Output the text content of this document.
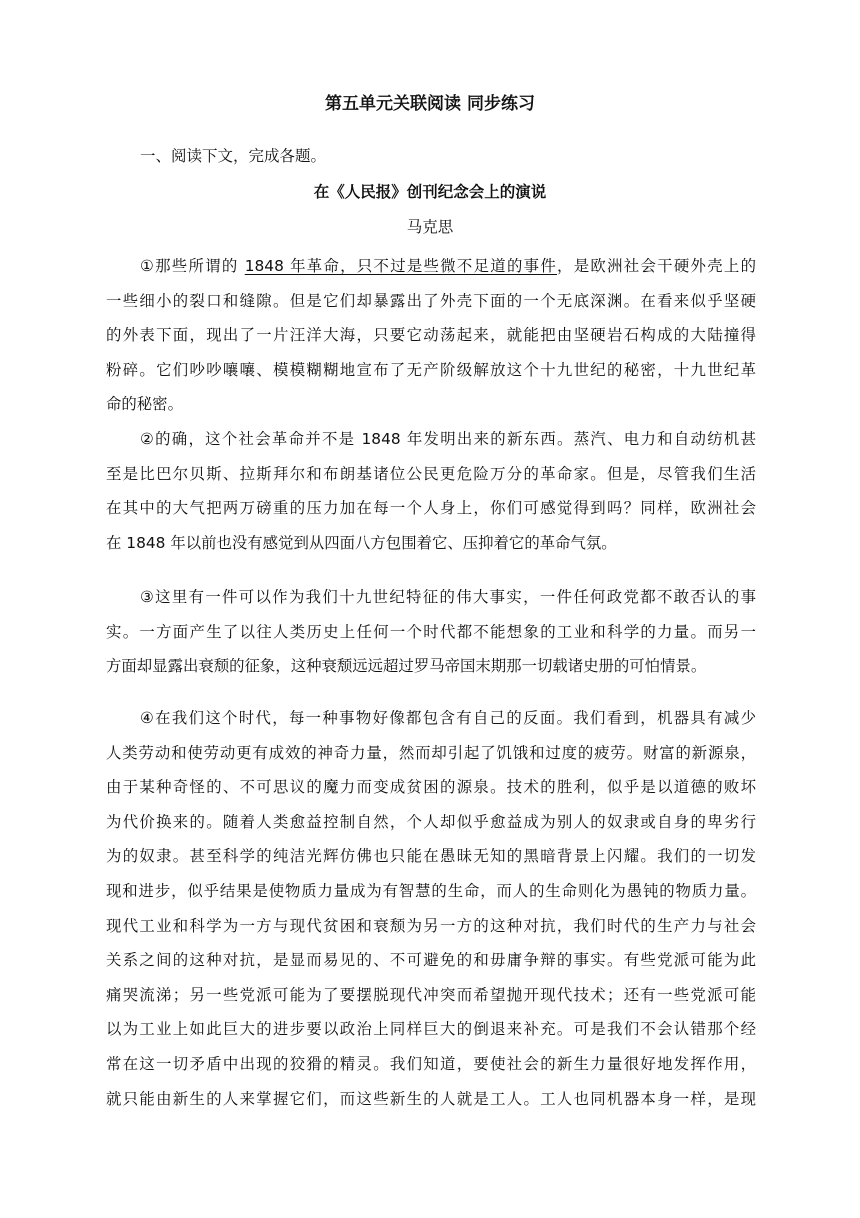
第五单元关联阅读 同步练习
一、阅读下文，完成各题。
在《人民报》创刊纪念会上的演说
马克思
①那些所谓的 1848 年革命，只不过是些微不足道的事件，是欧洲社会干硬外壳上的
一些细小的裂口和缝隙。但是它们却暴露出了外壳下面的一个无底深渊。在看来似乎坚硬
的外表下面，现出了一片汪洋大海，只要它动荡起来，就能把由坚硬岩石构成的大陆撞得
粉碎。它们吵吵嚷嚷、模模糊糊地宣布了无产阶级解放这个十九世纪的秘密，十九世纪革
命的秘密。
②的确，这个社会革命并不是 1848 年发明出来的新东西。蒸汽、电力和自动纺机甚
至是比巴尔贝斯、拉斯拜尔和布朗基诸位公民更危险万分的革命家。但是，尽管我们生活
在其中的大气把两万磅重的压力加在每一个人身上，你们可感觉得到吗？同样，欧洲社会
在 1848 年以前也没有感觉到从四面八方包围着它、压抑着它的革命气氛。
③这里有一件可以作为我们十九世纪特征的伟大事实，一件任何政党都不敢否认的事
实。一方面产生了以往人类历史上任何一个时代都不能想象的工业和科学的力量。而另一
方面却显露出衰颓的征象，这种衰颓远远超过罗马帝国末期那一切载诸史册的可怕情景。
④在我们这个时代，每一种事物好像都包含有自己的反面。我们看到，机器具有减少
人类劳动和使劳动更有成效的神奇力量，然而却引起了饥饿和过度的疲劳。财富的新源泉，
由于某种奇怪的、不可思议的魔力而变成贫困的源泉。技术的胜利，似乎是以道德的败坏
为代价换来的。随着人类愈益控制自然，个人却似乎愈益成为别人的奴隶或自身的卑劣行
为的奴隶。甚至科学的纯洁光辉仿佛也只能在愚昧无知的黑暗背景上闪耀。我们的一切发
现和进步，似乎结果是使物质力量成为有智慧的生命，而人的生命则化为愚钝的物质力量。
现代工业和科学为一方与现代贫困和衰颓为另一方的这种对抗，我们时代的生产力与社会
关系之间的这种对抗，是显而易见的、不可避免的和毋庸争辩的事实。有些党派可能为此
痛哭流涕；另一些党派可能为了要摆脱现代冲突而希望抛开现代技术；还有一些党派可能
以为工业上如此巨大的进步要以政治上同样巨大的倒退来补充。可是我们不会认错那个经
常在这一切矛盾中出现的狡猾的精灵。我们知道，要使社会的新生力量很好地发挥作用，
就只能由新生的人来掌握它们，而这些新生的人就是工人。工人也同机器本身一样，是现
